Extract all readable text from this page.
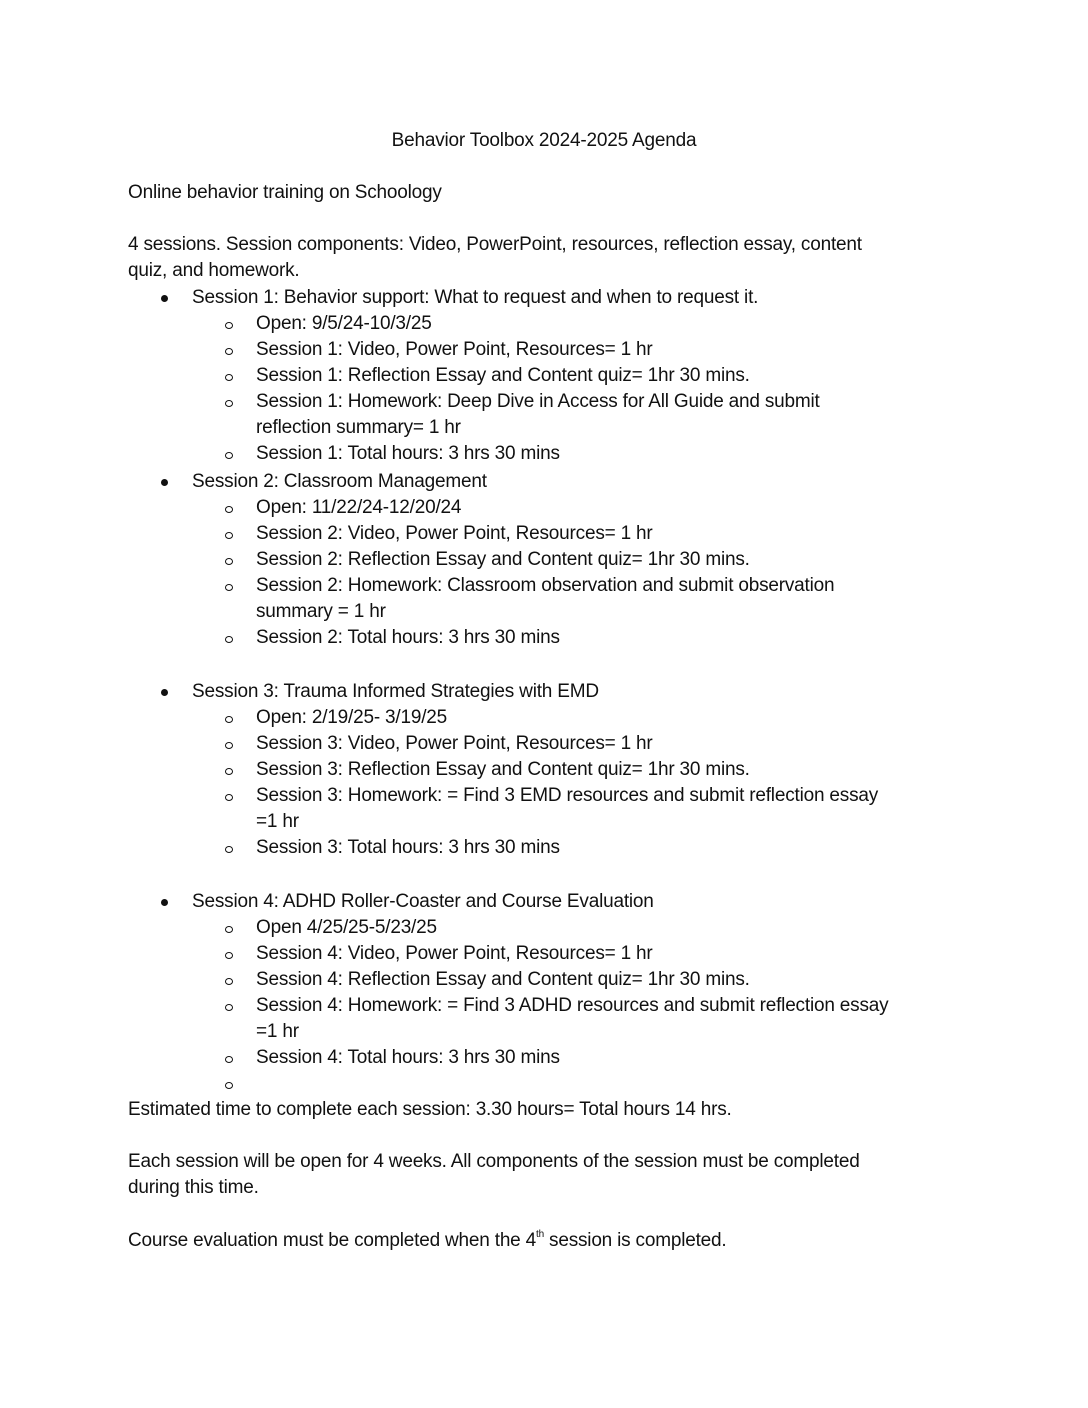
Behavior Toolbox 2024-2025 Agenda
Online behavior training on Schoology
4 sessions. Session components: Video, PowerPoint, resources, reflection essay, content
quiz, and homework.
Session 1: Behavior support: What to request and when to request it.
Open: 9/5/24-10/3/25
Session 1: Video, Power Point, Resources= 1 hr
Session 1: Reflection Essay and Content quiz= 1hr 30 mins.
Session 1: Homework: Deep Dive in Access for All Guide and submit
reflection summary= 1 hr
Session 1: Total hours: 3 hrs 30 mins
Session 2: Classroom Management
Open: 11/22/24-12/20/24
Session 2: Video, Power Point, Resources= 1 hr
Session 2: Reflection Essay and Content quiz= 1hr 30 mins.
Session 2: Homework: Classroom observation and submit observation
summary = 1 hr
Session 2: Total hours: 3 hrs 30 mins
Session 3: Trauma Informed Strategies with EMD
Open: 2/19/25- 3/19/25
Session 3: Video, Power Point, Resources= 1 hr
Session 3: Reflection Essay and Content quiz= 1hr 30 mins.
Session 3: Homework: = Find 3 EMD resources and submit reflection essay
=1 hr
Session 3: Total hours: 3 hrs 30 mins
Session 4: ADHD Roller-Coaster and Course Evaluation
Open 4/25/25-5/23/25
Session 4: Video, Power Point, Resources= 1 hr
Session 4: Reflection Essay and Content quiz= 1hr 30 mins.
Session 4: Homework: = Find 3 ADHD resources and submit reflection essay
=1 hr
Session 4: Total hours: 3 hrs 30 mins
Estimated time to complete each session: 3.30 hours= Total hours 14 hrs.
Each session will be open for 4 weeks. All components of the session must be completed
during this time.
Course evaluation must be completed when the 4th session is completed.
